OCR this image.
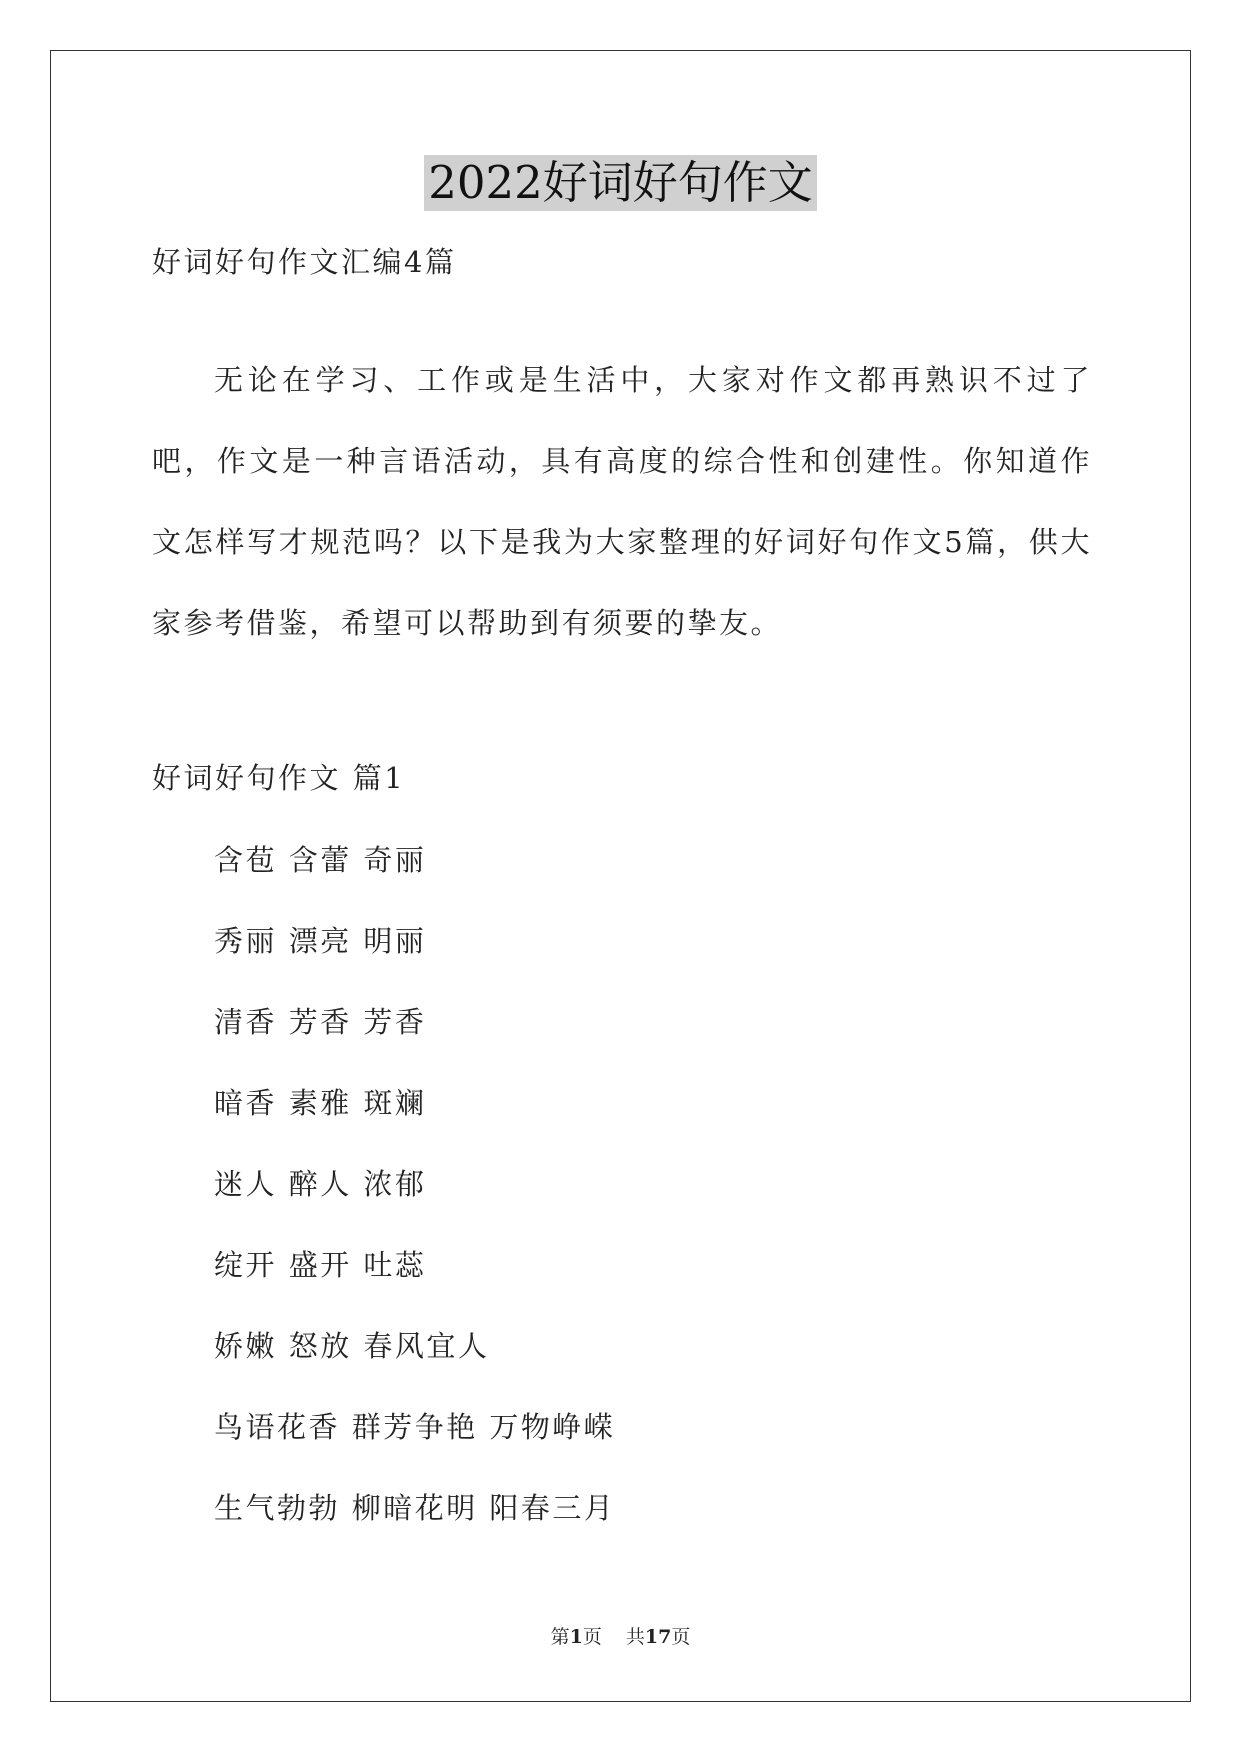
2022好词好句作文
好词好句作文汇编4篇
无论在学习、工作或是生活中，大家对作文都再熟识不过了吧，作文是一种言语活动，具有高度的综合性和创建性。你知道作文怎样写才规范吗？以下是我为大家整理的好词好句作文5篇，供大家参考借鉴，希望可以帮助到有须要的挚友。
好词好句作文 篇1
含苞 含蕾 奇丽
秀丽 漂亮 明丽
清香 芳香 芳香
暗香 素雅 斑斓
迷人 醉人 浓郁
绽开 盛开 吐蕊
娇嫩 怒放 春风宜人
鸟语花香 群芳争艳 万物峥嵘
生气勃勃 柳暗花明 阳春三月
第1页 共17页
